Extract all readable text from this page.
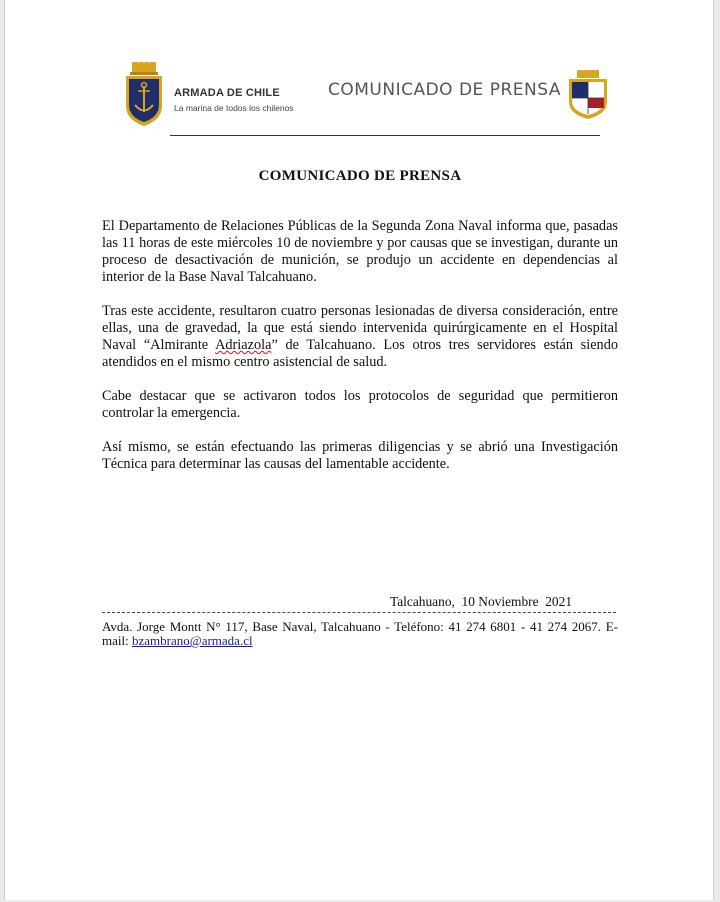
ARMADA DE CHILE
La marina de todos los chilenos
COMUNICADO DE PRENSA
COMUNICADO DE PRENSA

El Departamento de Relaciones Públicas de la Segunda Zona Naval informa que, pasadas las 11 horas de este miércoles 10 de noviembre y por causas que se investigan, durante un proceso de desactivación de munición, se produjo un accidente en dependencias al interior de la Base Naval Talcahuano.

Tras este accidente, resultaron cuatro personas lesionadas de diversa consideración, entre ellas, una de gravedad, la que está siendo intervenida quirúrgicamente en el Hospital Naval “Almirante Adriazola” de Talcahuano. Los otros tres servidores están siendo atendidos en el mismo centro asistencial de salud.

Cabe destacar que se activaron todos los protocolos de seguridad que permitieron controlar la emergencia.

Así mismo, se están efectuando las primeras diligencias y se abrió una Investigación Técnica para determinar las causas del lamentable accidente.

Talcahuano,  10 Noviembre  2021
Avda. Jorge Montt N° 117, Base Naval, Talcahuano - Teléfono: 41 274 6801 - 41 274 2067. E-mail: bzambrano@armada.cl
